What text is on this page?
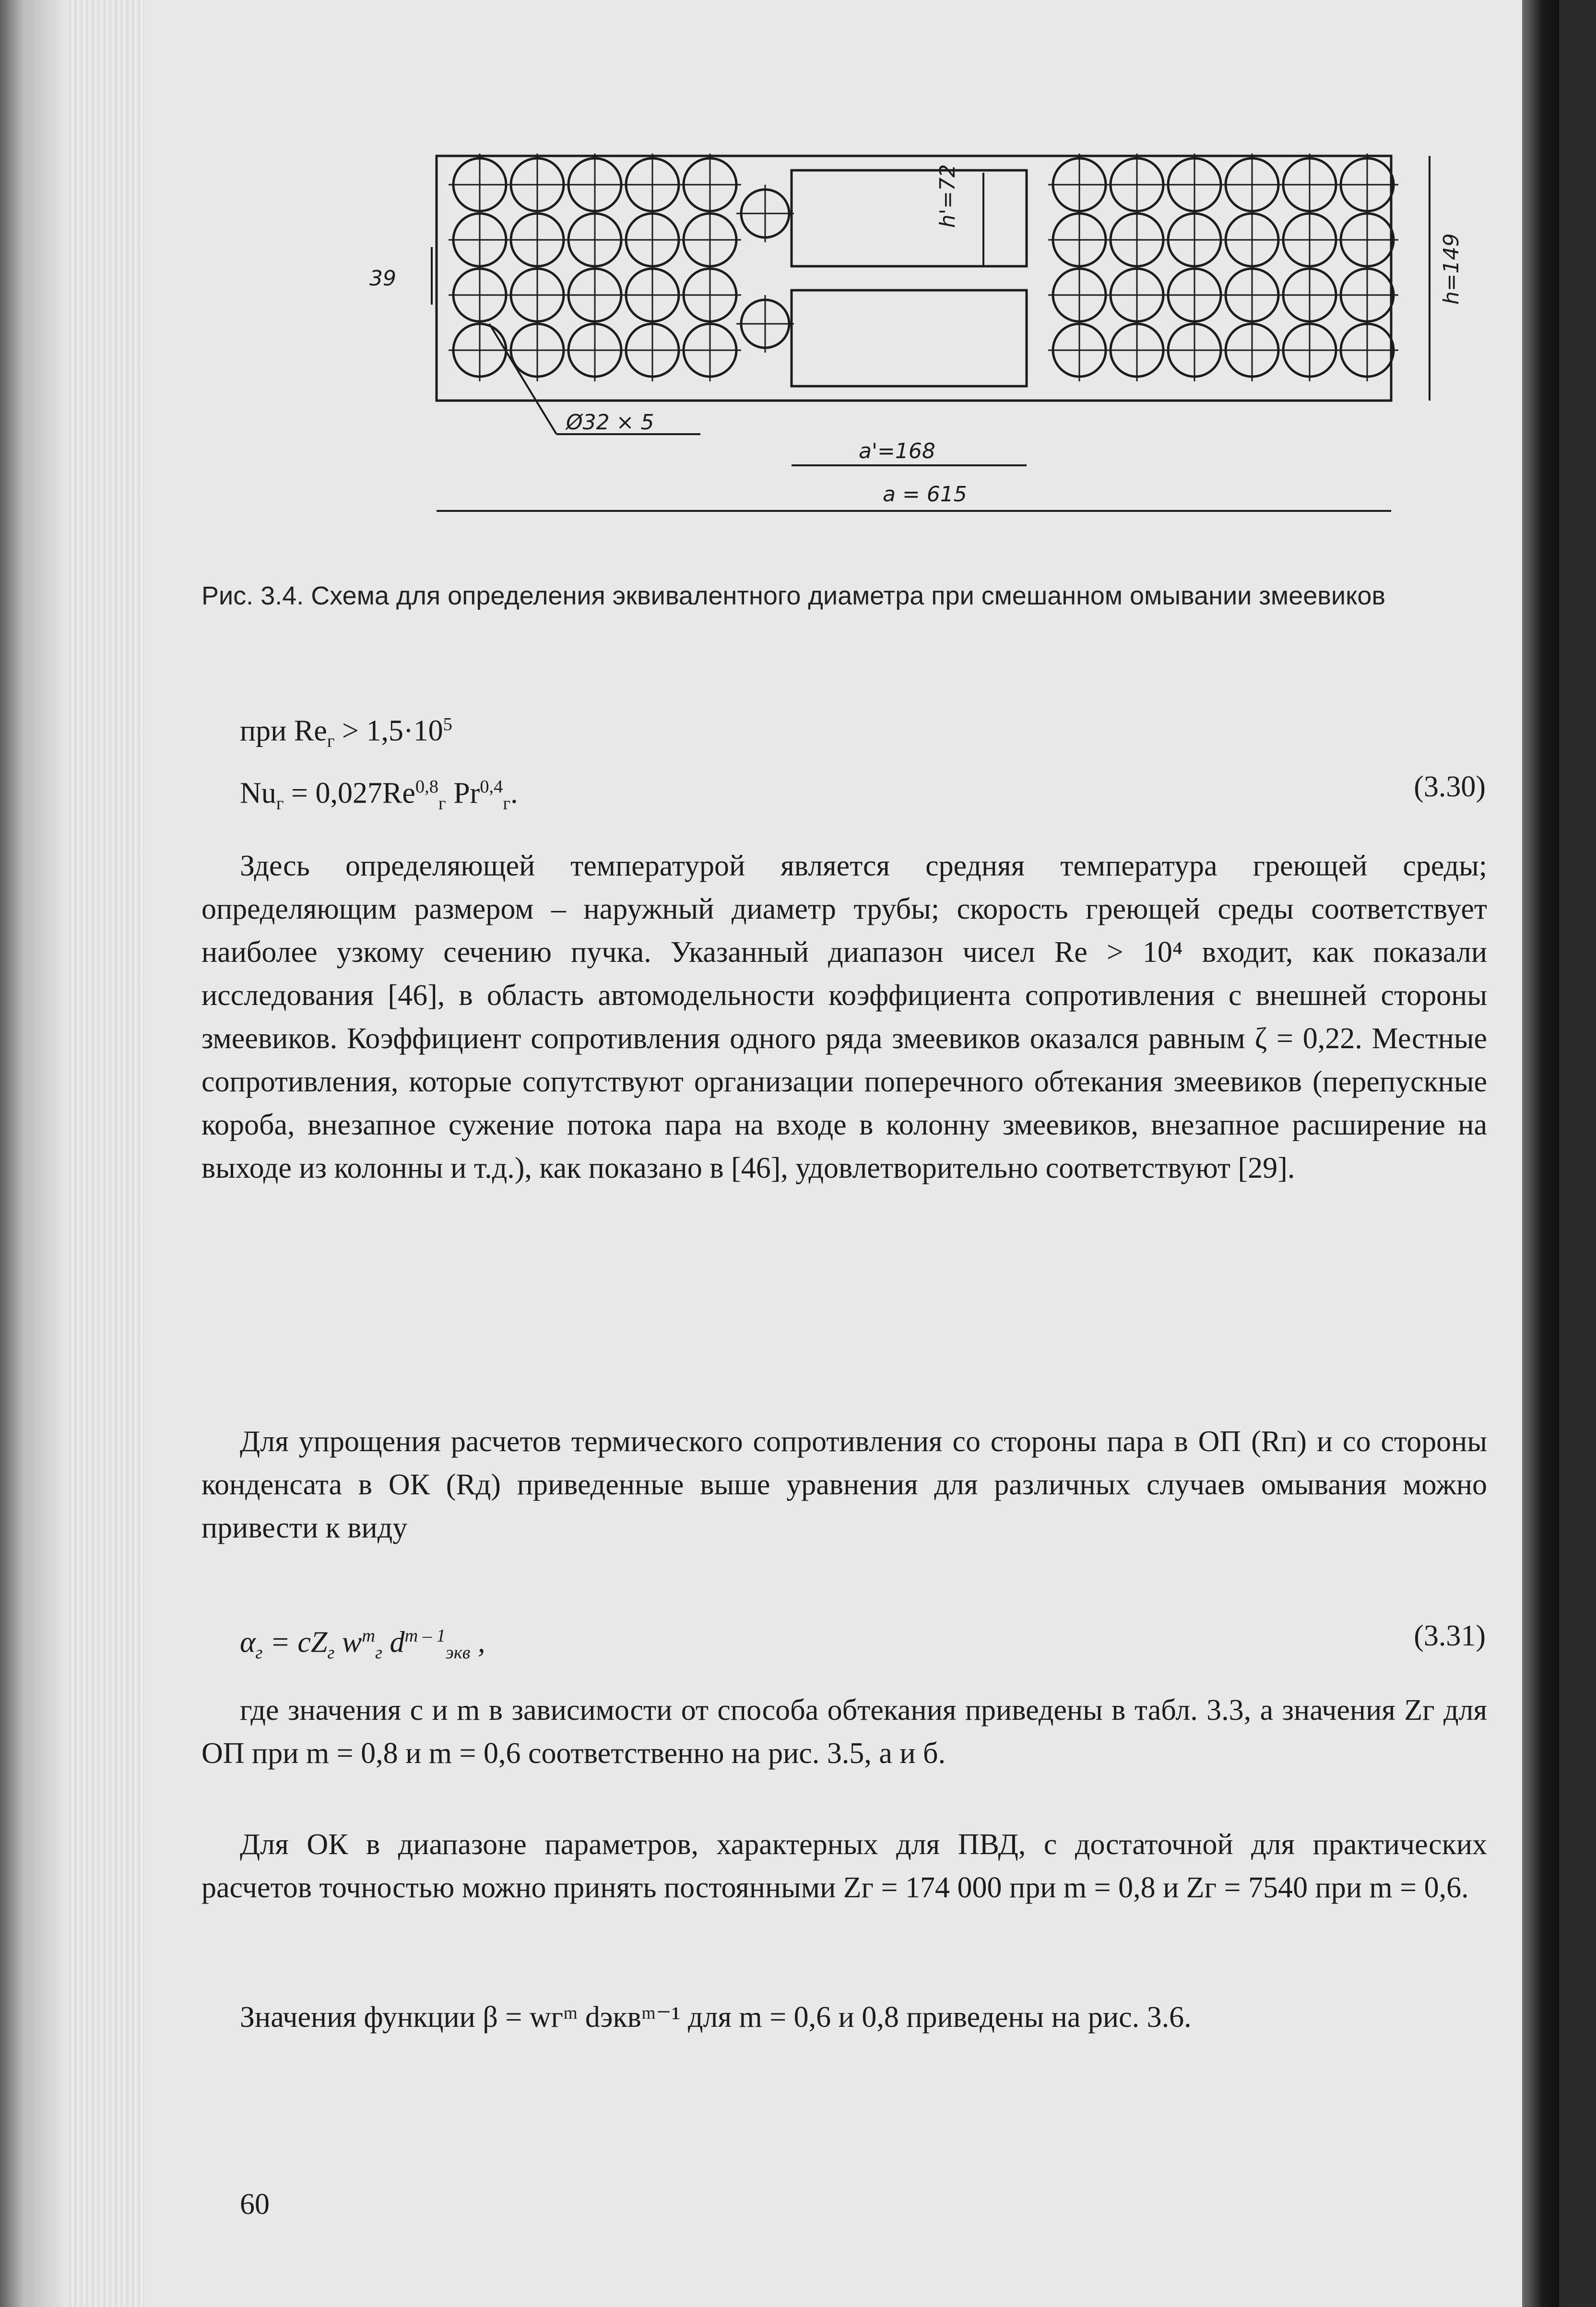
39
h'=72
h=149
Ø32 × 5
a'=168
a = 615
Рис. 3.4. Схема для определения эквивалентного диаметра при смешанном омывании змеевиков
при $Re_г > 1,5\cdot 10^5$
$Nu_г = 0,027Re^{0,8}_г$ Pr$^{0,4}_г$.	(3.30)

Здесь определяющей температурой является средняя температура греющей среды; определяющим размером – наружный диаметр трубы; скорость греющей среды соответствует наиболее узкому сечению пучка. Указанный диапазон чисел Re > 10⁴ входит, как показали исследования [46], в область автомодельности коэффициента сопротивления с внешней стороны змеевиков. Коэффициент сопротивления одного ряда змеевиков оказался равным ζ = 0,22. Местные сопротивления, которые сопутствуют организации поперечного обтекания змеевиков (перепускные короба, внезапное сужение потока пара на входе в колонну змеевиков, внезапное расширение на выходе из колонны и т.д.), как показано в [46], удовлетворительно соответствуют [29].

Для упрощения расчетов термического сопротивления со стороны пара в ОП (Rп) и со стороны конденсата в ОК (Rд) приведенные выше уравнения для различных случаев омывания можно привести к виду

$\alpha_г = cZ_г$ $w^m_г$ $d^{m - 1}_{экв}$ ,	(3.31)

где значения c и m в зависимости от способа обтекания приведены в табл. 3.3, а значения Zг для ОП при m = 0,8 и m = 0,6 соответственно на рис. 3.5, а и б.

Для ОК в диапазоне параметров, характерных для ПВД, с достаточной для практических расчетов точностью можно принять постоянными Zг = 174 000 при m = 0,8 и Zг = 7540 при m = 0,6.

Значения функции β = wгᵐ dэквᵐ⁻¹ для m = 0,6 и 0,8 приведены на рис. 3.6.

60
